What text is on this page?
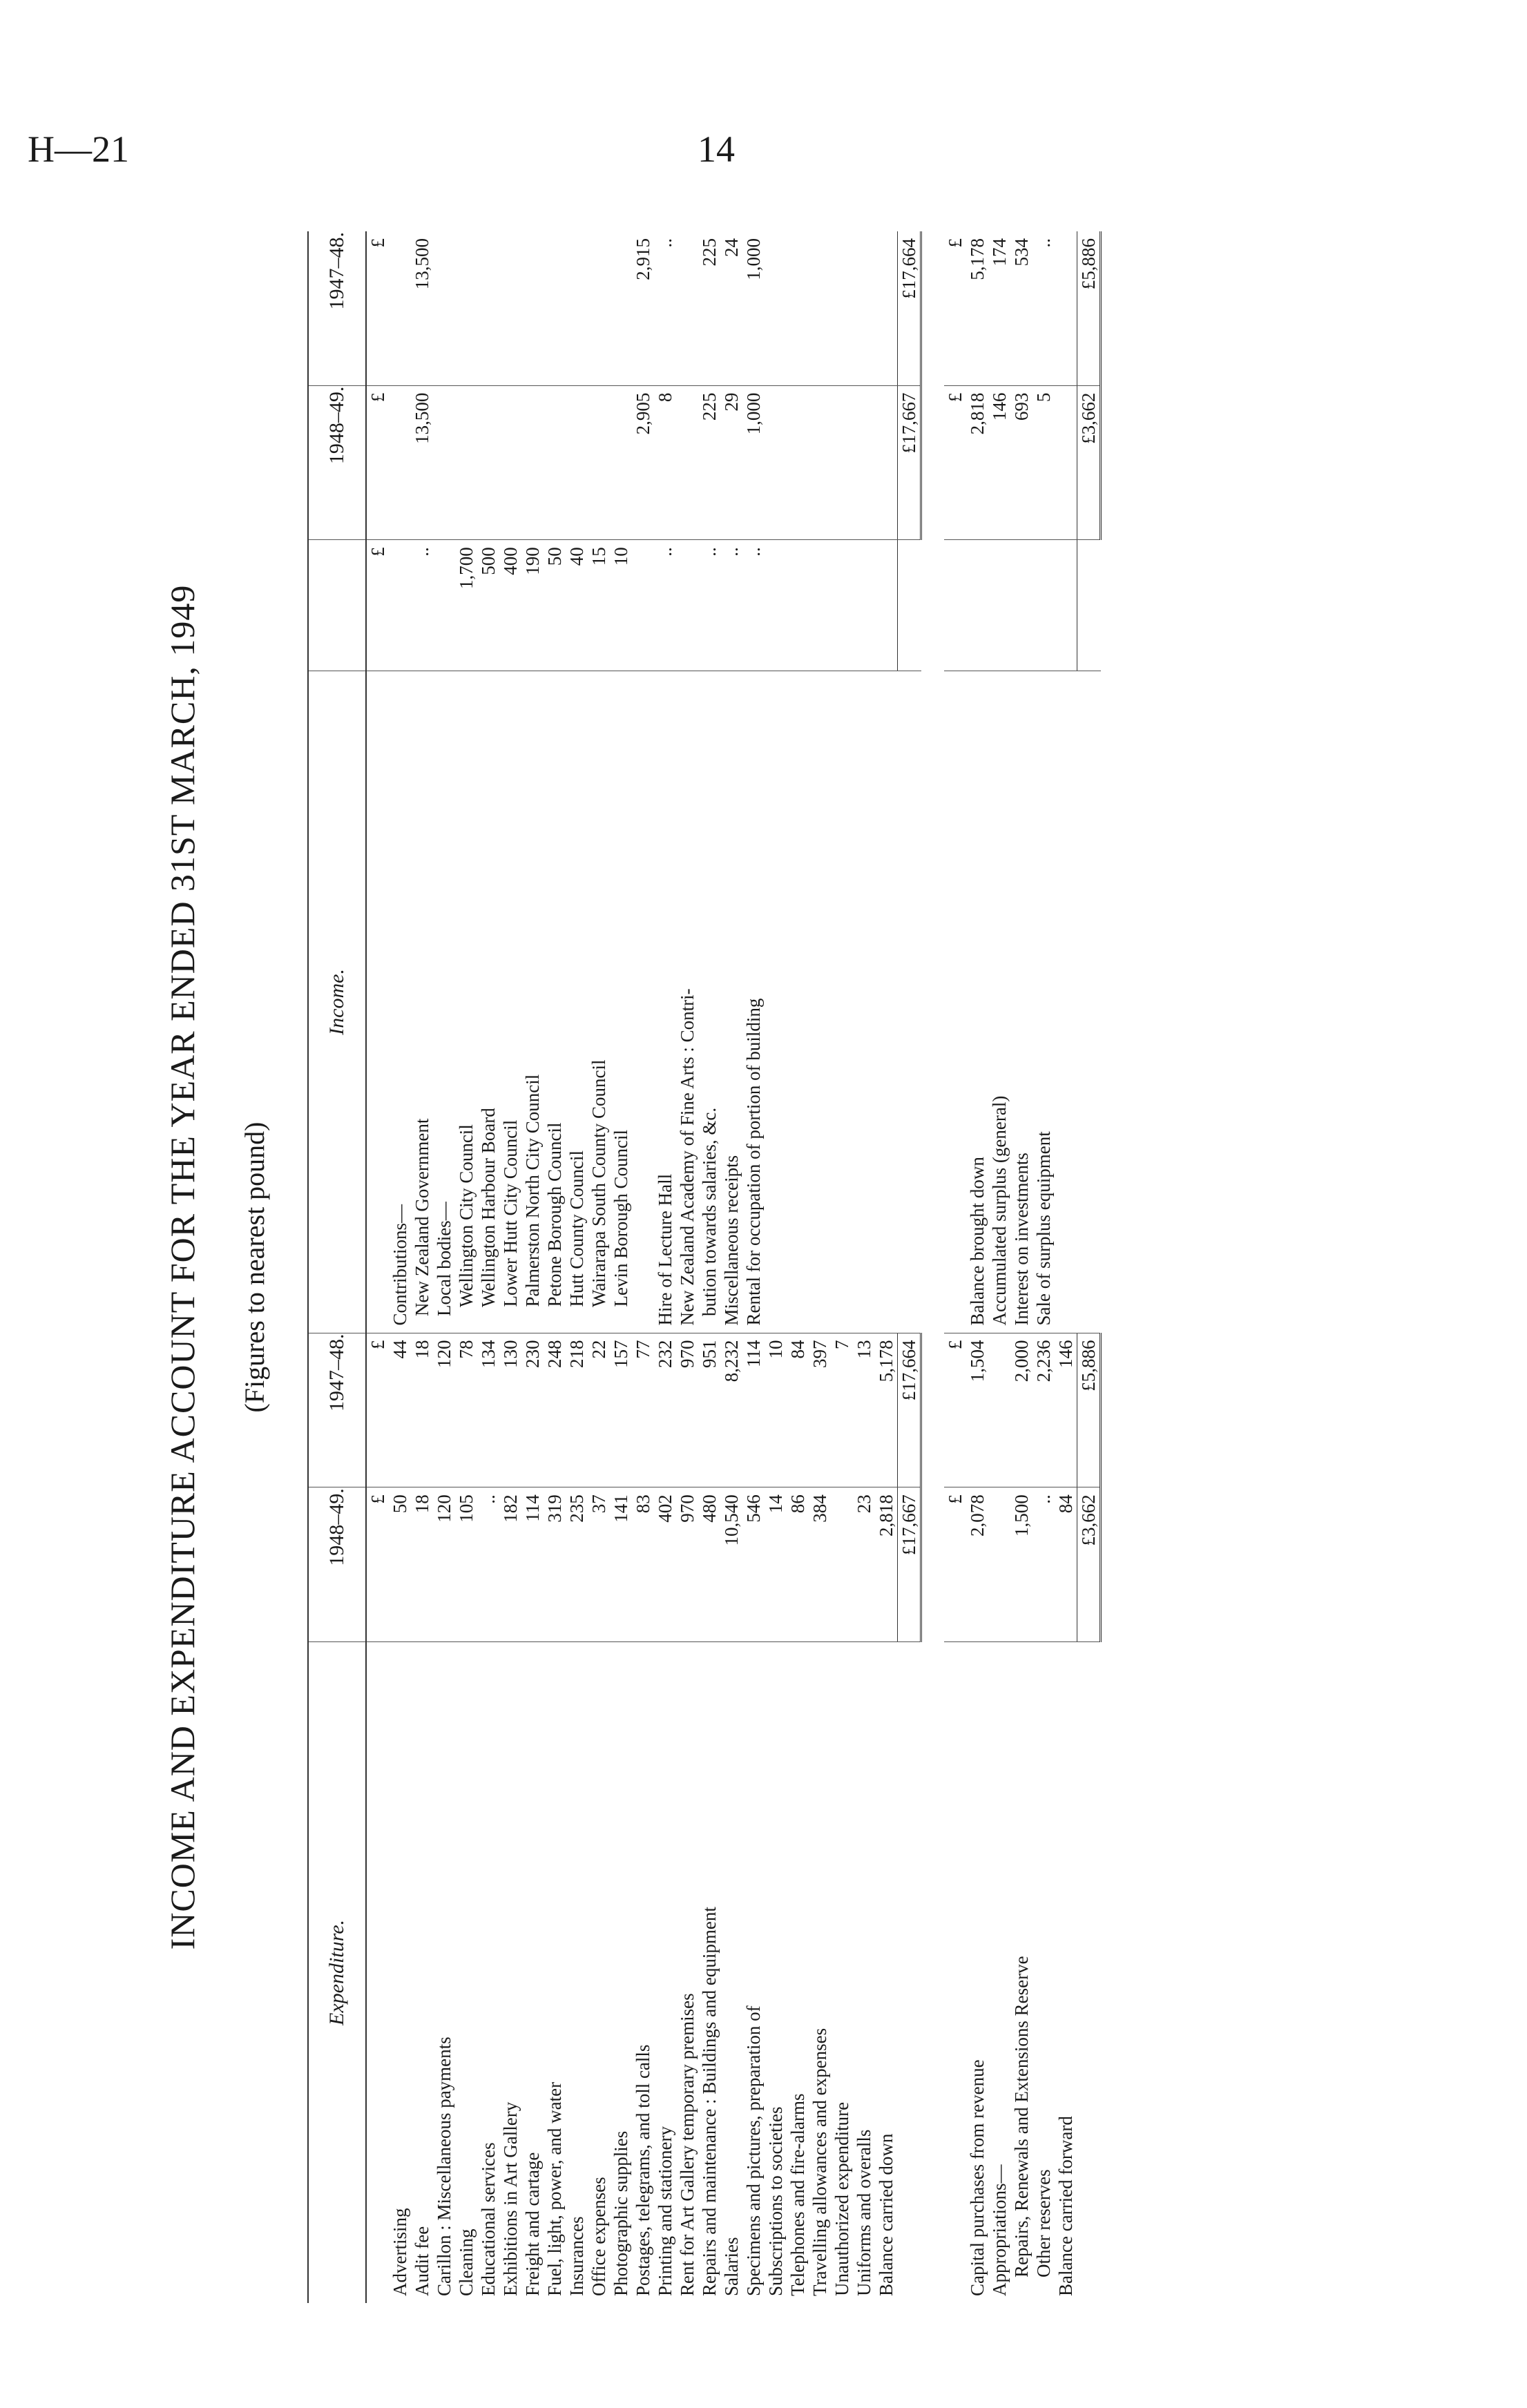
H—21	14
INCOME AND EXPENDITURE ACCOUNT FOR THE YEAR ENDED 31ST MARCH, 1949 (Figures to nearest pound)
Expenditure.	1948–49.	1947–48.	Income.		1948–49.	1947–48.
	£	£		£	£	£
Advertising	50	44	Contributions—			
Audit fee	18	18	New Zealand Government	..	13,500	13,500
Carillon : Miscellaneous payments	120	120	Local bodies—			
Cleaning	105	78	Wellington City Council	1,700		
Educational services	..	134	Wellington Harbour Board	500		
Exhibitions in Art Gallery	182	130	Lower Hutt City Council	400		
Freight and cartage	114	230	Palmerston North City Council	190		
Fuel, light, power, and water	319	248	Petone Borough Council	50		
Insurances	235	218	Hutt County Council	40		
Office expenses	37	22	Wairarapa South County Council	15		
Photographic supplies	141	157	Levin Borough Council	10		
Postages, telegrams, and toll calls	83	77			2,905	2,915
Printing and stationery	402	232	Hire of Lecture Hall	..	8	..
Rent for Art Gallery temporary premises	970	970	New Zealand Academy of Fine Arts : Contri-			
Repairs and maintenance : Buildings and equipment	480	951	bution towards salaries, &c.	..	225	225
Salaries	10,540	8,232	Miscellaneous receipts	..	29	24
Specimens and pictures, preparation of	546	114	Rental for occupation of portion of building	..	1,000	1,000
Subscriptions to societies	14	10				
Telephones and fire-alarms	86	84				
Travelling allowances and expenses	384	397				
Unauthorized expenditure		7				
Uniforms and overalls	23	13				
Balance carried down	2,818	5,178				
	£17,667	£17,664			£17,667	£17,664

	£	£			£	£
Capital purchases from revenue	2,078	1,504	Balance brought down		2,818	5,178
Appropriations—			Accumulated surplus (general)		146	174
Repairs, Renewals and Extensions Reserve	1,500	2,000	Interest on investments		693	534
Other reserves	..	2,236	Sale of surplus equipment		5	..
Balance carried forward	84	146				
	£3,662	£5,886			£3,662	£5,886
